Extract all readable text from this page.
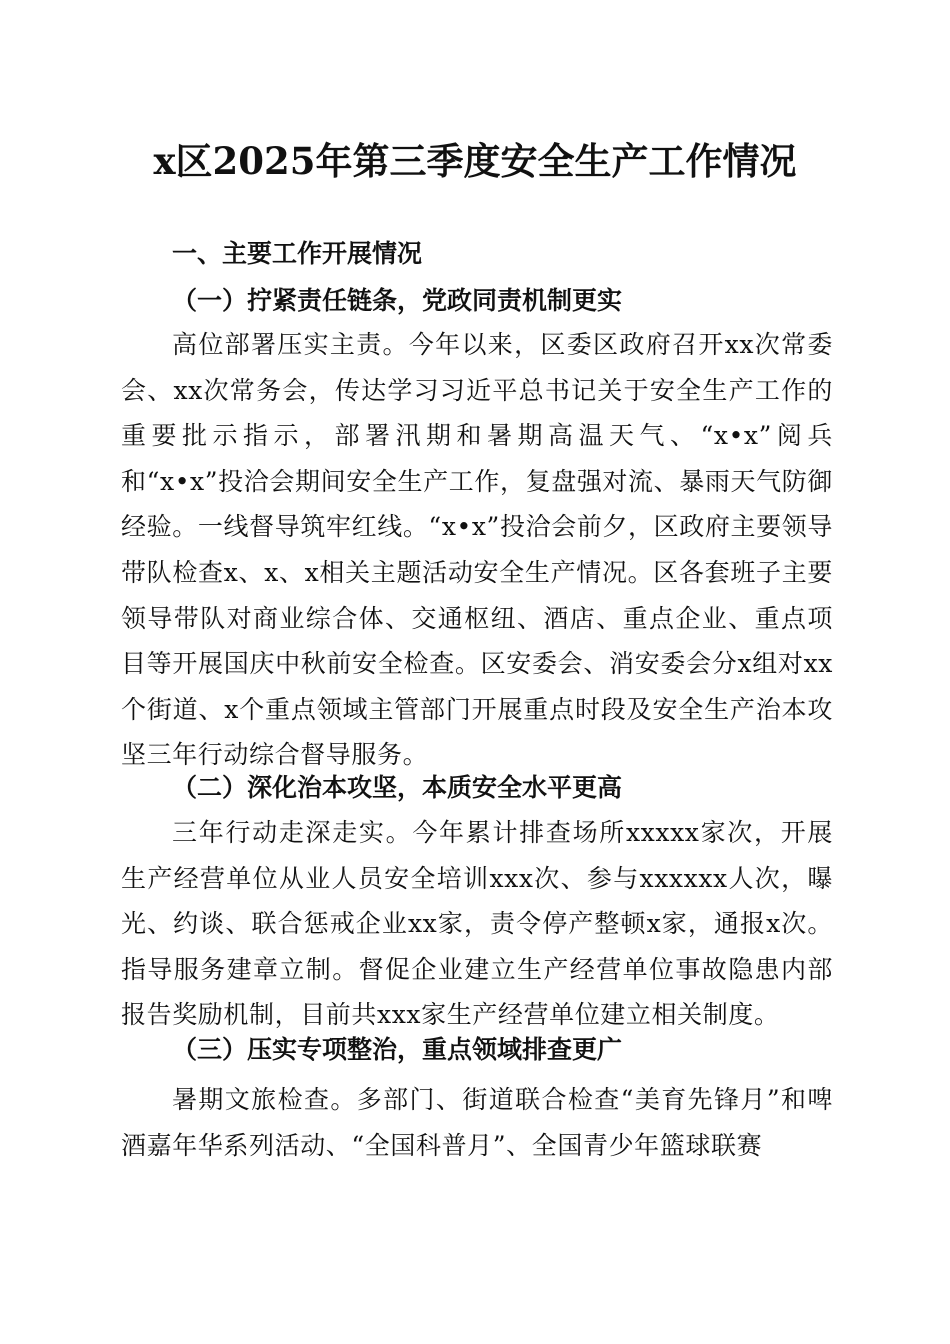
x区2025年第三季度安全生产工作情况
一、主要工作开展情况
（一）拧紧责任链条，党政同责机制更实
高位部署压实主责。今年以来，区委区政府召开xx次常委会、xx次常务会，传达学习习近平总书记关于安全生产工作的重要批示指示，部署汛期和暑期高温天气、“x•x”阅兵和“x•x”投洽会期间安全生产工作，复盘强对流、暴雨天气防御经验。一线督导筑牢红线。“x•x”投洽会前夕，区政府主要领导带队检查x、x、x相关主题活动安全生产情况。区各套班子主要领导带队对商业综合体、交通枢纽、酒店、重点企业、重点项目等开展国庆中秋前安全检查。区安委会、消安委会分x组对xx个街道、x个重点领域主管部门开展重点时段及安全生产治本攻坚三年行动综合督导服务。
（二）深化治本攻坚，本质安全水平更高
三年行动走深走实。今年累计排查场所xxxxx家次，开展生产经营单位从业人员安全培训xxx次、参与xxxxxx人次，曝光、约谈、联合惩戒企业xx家，责令停产整顿x家，通报x次。指导服务建章立制。督促企业建立生产经营单位事故隐患内部报告奖励机制，目前共xxx家生产经营单位建立相关制度。
（三）压实专项整治，重点领域排查更广
暑期文旅检查。多部门、街道联合检查“美育先锋月”和啤酒嘉年华系列活动、“全国科普月”、全国青少年篮球联赛
